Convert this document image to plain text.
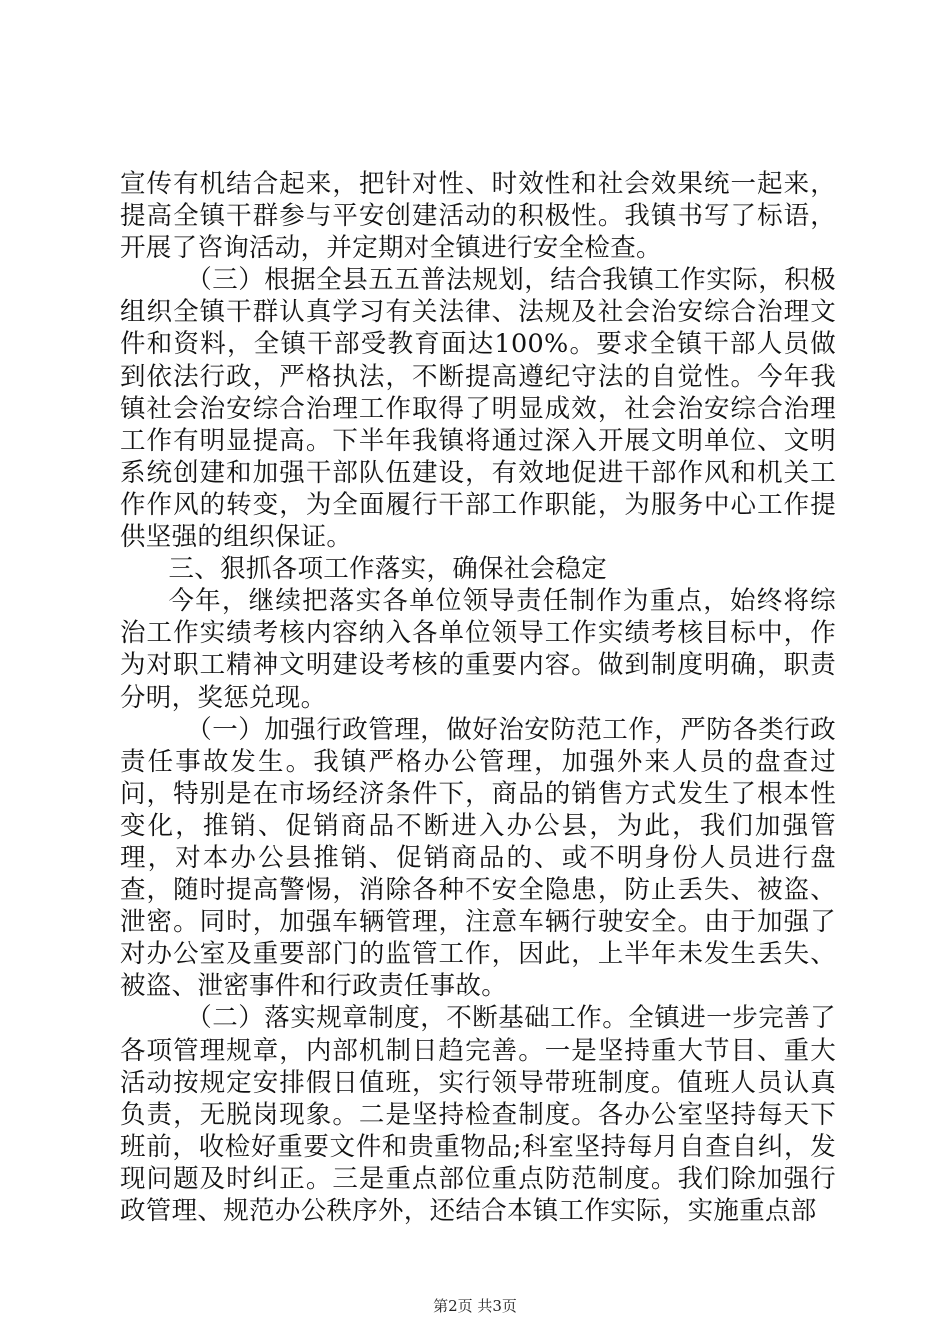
宣传有机结合起来，把针对性、时效性和社会效果统一起来，提高全镇干群参与平安创建活动的积极性。我镇书写了标语，开展了咨询活动，并定期对全镇进行安全检查。

（三）根据全县五五普法规划，结合我镇工作实际，积极组织全镇干群认真学习有关法律、法规及社会治安综合治理文件和资料，全镇干部受教育面达100%。要求全镇干部人员做到依法行政，严格执法，不断提高遵纪守法的自觉性。今年我镇社会治安综合治理工作取得了明显成效，社会治安综合治理工作有明显提高。下半年我镇将通过深入开展文明单位、文明系统创建和加强干部队伍建设，有效地促进干部作风和机关工作作风的转变，为全面履行干部工作职能，为服务中心工作提供坚强的组织保证。

三、狠抓各项工作落实，确保社会稳定

今年，继续把落实各单位领导责任制作为重点，始终将综治工作实绩考核内容纳入各单位领导工作实绩考核目标中，作为对职工精神文明建设考核的重要内容。做到制度明确，职责分明，奖惩兑现。

（一）加强行政管理，做好治安防范工作，严防各类行政责任事故发生。我镇严格办公管理，加强外来人员的盘查过问，特别是在市场经济条件下，商品的销售方式发生了根本性变化，推销、促销商品不断进入办公县，为此，我们加强管理，对本办公县推销、促销商品的、或不明身份人员进行盘查，随时提高警惕，消除各种不安全隐患，防止丢失、被盗、泄密。同时，加强车辆管理，注意车辆行驶安全。由于加强了对办公室及重要部门的监管工作，因此，上半年未发生丢失、被盗、泄密事件和行政责任事故。

（二）落实规章制度，不断基础工作。全镇进一步完善了各项管理规章，内部机制日趋完善。一是坚持重大节目、重大活动按规定安排假日值班，实行领导带班制度。值班人员认真负责，无脱岗现象。二是坚持检查制度。各办公室坚持每天下班前，收检好重要文件和贵重物品;科室坚持每月自查自纠，发现问题及时纠正。三是重点部位重点防范制度。我们除加强行政管理、规范办公秩序外，还结合本镇工作实际，实施重点部

第2页 共3页
